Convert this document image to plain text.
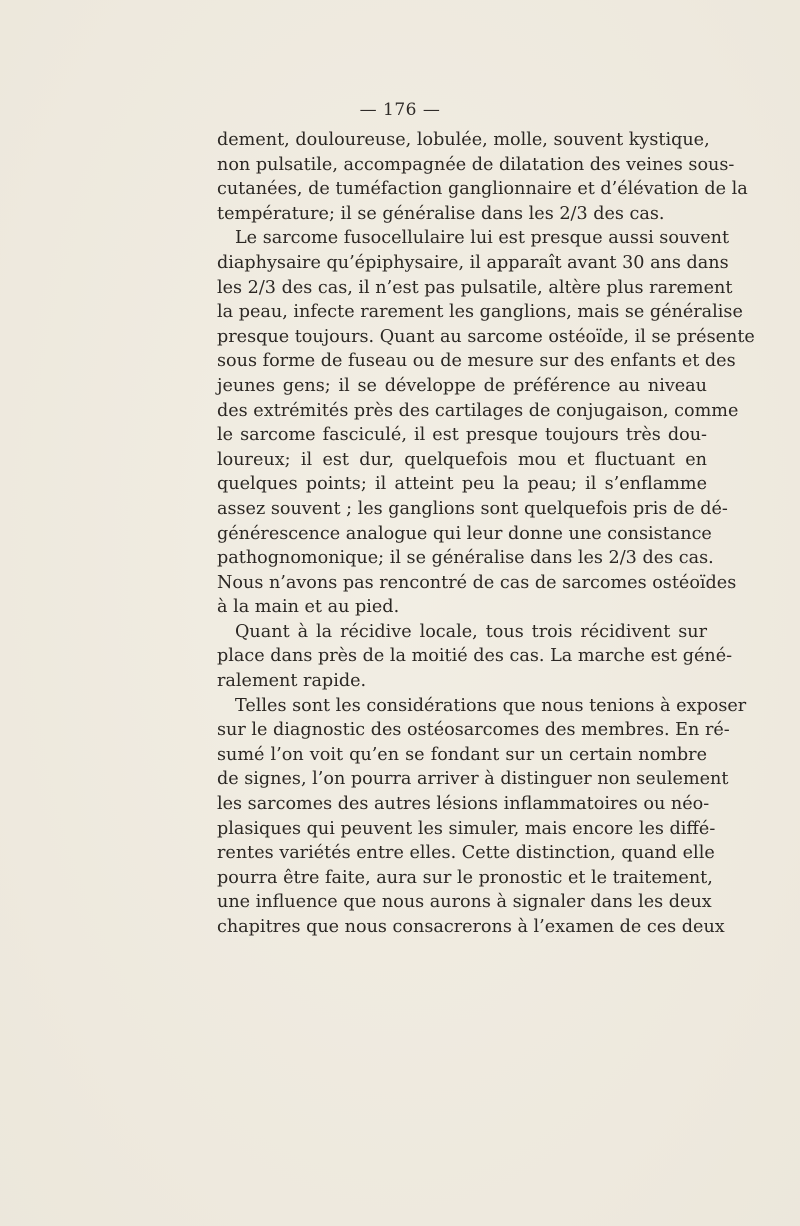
— 176 —
dement, douloureuse, lobulée, molle, souvent kystique,
non pulsatile, accompagnée de dilatation des veines sous-
cutanées, de tuméfaction ganglionnaire et d’élévation de la
température; il se généralise dans les 2/3 des cas.
Le sarcome fusocellulaire lui est presque aussi souvent
diaphysaire qu’épiphysaire, il apparaît avant 30 ans dans
les 2/3 des cas, il n’est pas pulsatile, altère plus rarement
la peau, infecte rarement les ganglions, mais se généralise
presque toujours. Quant au sarcome ostéoïde, il se présente
sous forme de fuseau ou de mesure sur des enfants et des
jeunes gens; il se développe de préférence au niveau
des extrémités près des cartilages de conjugaison, comme
le sarcome fasciculé, il est presque toujours très dou-
loureux; il est dur, quelquefois mou et fluctuant en
quelques points; il atteint peu la peau; il s’enflamme
assez souvent ; les ganglions sont quelquefois pris de dé-
générescence analogue qui leur donne une consistance
pathognomonique; il se généralise dans les 2/3 des cas.
Nous n’avons pas rencontré de cas de sarcomes ostéoïdes
à la main et au pied.
Quant à la récidive locale, tous trois récidivent sur
place dans près de la moitié des cas. La marche est géné-
ralement rapide.
Telles sont les considérations que nous tenions à exposer
sur le diagnostic des ostéosarcomes des membres. En ré-
sumé l’on voit qu’en se fondant sur un certain nombre
de signes, l’on pourra arriver à distinguer non seulement
les sarcomes des autres lésions inflammatoires ou néo-
plasiques qui peuvent les simuler, mais encore les diffé-
rentes variétés entre elles. Cette distinction, quand elle
pourra être faite, aura sur le pronostic et le traitement,
une influence que nous aurons à signaler dans les deux
chapitres que nous consacrerons à l’examen de ces deux
